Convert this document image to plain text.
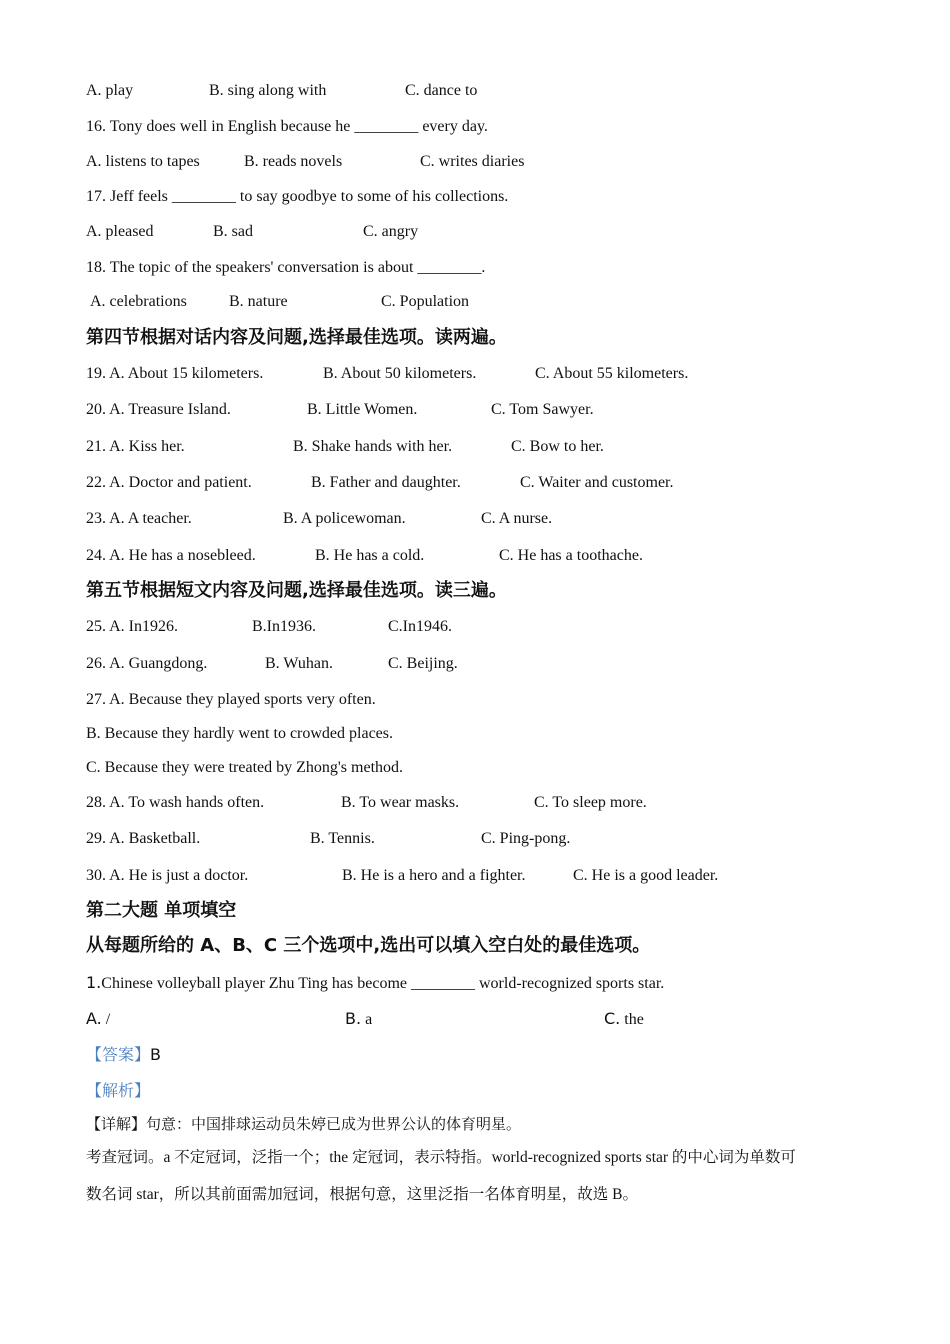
A. play	B. sing along with	C. dance to
16. Tony does well in English because he ________ every day.
A. listens to tapes	B. reads novels	C. writes diaries
17. Jeff feels ________ to say goodbye to some of his collections.
A. pleased	B. sad	C. angry
18. The topic of the speakers' conversation is about ________.
A. celebrations	B. nature	C. Population
第四节根据对话内容及问题,选择最佳选项。读两遍。
19. A. About 15 kilometers.	B. About 50 kilometers.	C. About 55 kilometers.
20. A. Treasure Island.	B. Little Women.	C. Tom Sawyer.
21. A. Kiss her.	B. Shake hands with her.	C. Bow to her.
22. A. Doctor and patient.	B. Father and daughter.	C. Waiter and customer.
23. A. A teacher.	B. A policewoman.	C. A nurse.
24. A. He has a nosebleed.	B. He has a cold.	C. He has a toothache.
第五节根据短文内容及问题,选择最佳选项。读三遍。
25. A. In1926.	B.In1936.	C.In1946.
26. A. Guangdong.	B. Wuhan.	C. Beijing.
27. A. Because they played sports very often.
B. Because they hardly went to crowded places.
C. Because they were treated by Zhong's method.
28. A. To wash hands often.	B. To wear masks.	C. To sleep more.
29. A. Basketball.	B. Tennis.	C. Ping-pong.
30. A. He is just a doctor.	B. He is a hero and a fighter.	C. He is a good leader.
第二大题 单项填空
从每题所给的 A、B、C 三个选项中,选出可以填入空白处的最佳选项。
1.Chinese volleyball player Zhu Ting has become ________ world-recognized sports star.
A. /	B. a	C. the
【答案】B
【解析】
【详解】句意：中国排球运动员朱婷已成为世界公认的体育明星。
考查冠词。a 不定冠词，泛指一个；the 定冠词，表示特指。world-recognized sports star 的中心词为单数可
数名词 star，所以其前面需加冠词，根据句意，这里泛指一名体育明星，故选 B。
